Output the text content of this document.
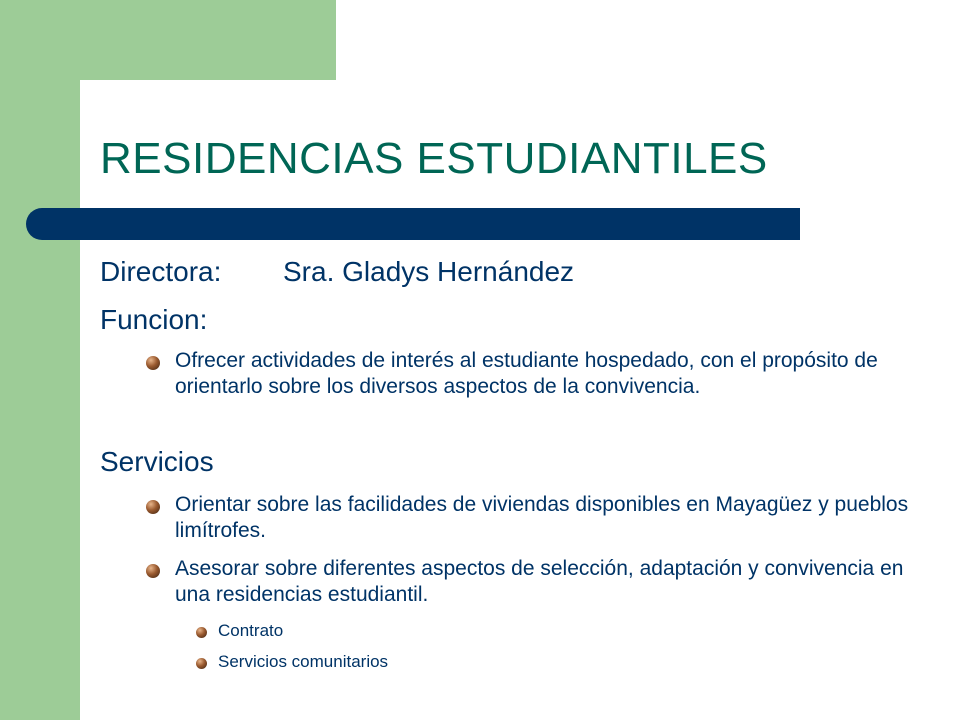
RESIDENCIAS ESTUDIANTILES
Directora: Sra. Gladys Hernández
Funcion:
Ofrecer actividades de interés al estudiante hospedado, con el propósito de orientarlo sobre los diversos aspectos de la convivencia.
Servicios
Orientar sobre las facilidades de viviendas disponibles en Mayagüez y pueblos limítrofes.
Asesorar sobre diferentes aspectos de selección, adaptación y convivencia en una residencias estudiantil.
Contrato
Servicios comunitarios
